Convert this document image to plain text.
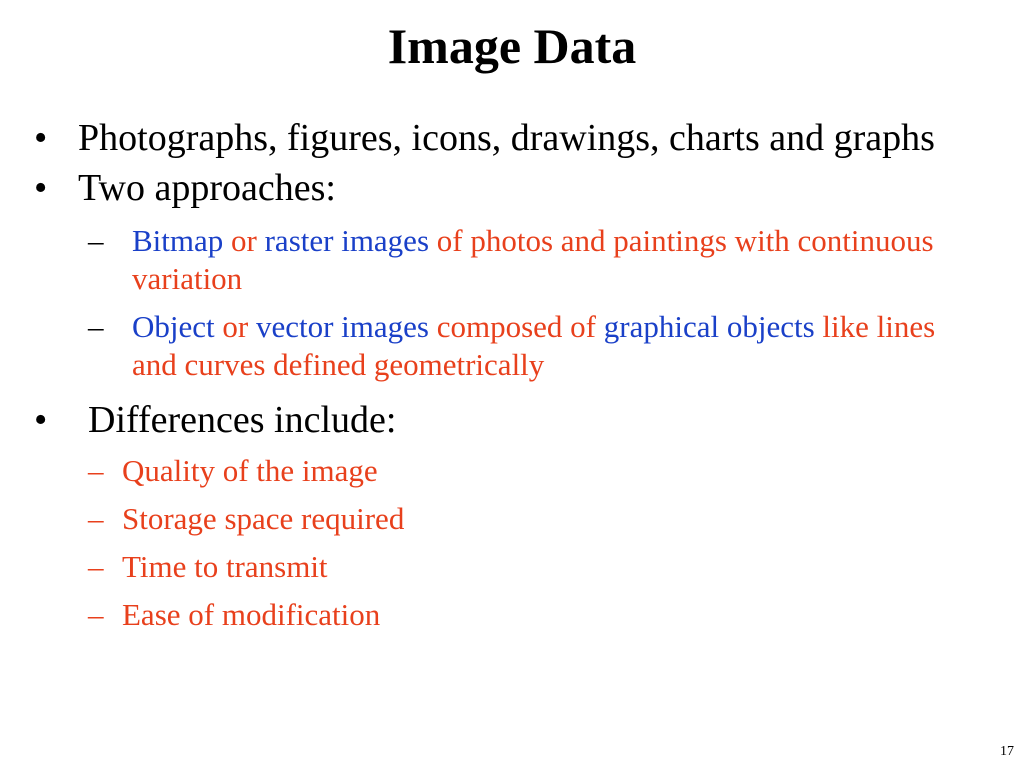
Image Data
• Photographs, figures, icons, drawings, charts and graphs
• Two approaches:
– Bitmap or raster images of photos and paintings with continuous variation
– Object or vector images composed of graphical objects like lines and curves defined geometrically
• Differences include:
– Quality of the image
– Storage space required
– Time to transmit
– Ease of modification
17
